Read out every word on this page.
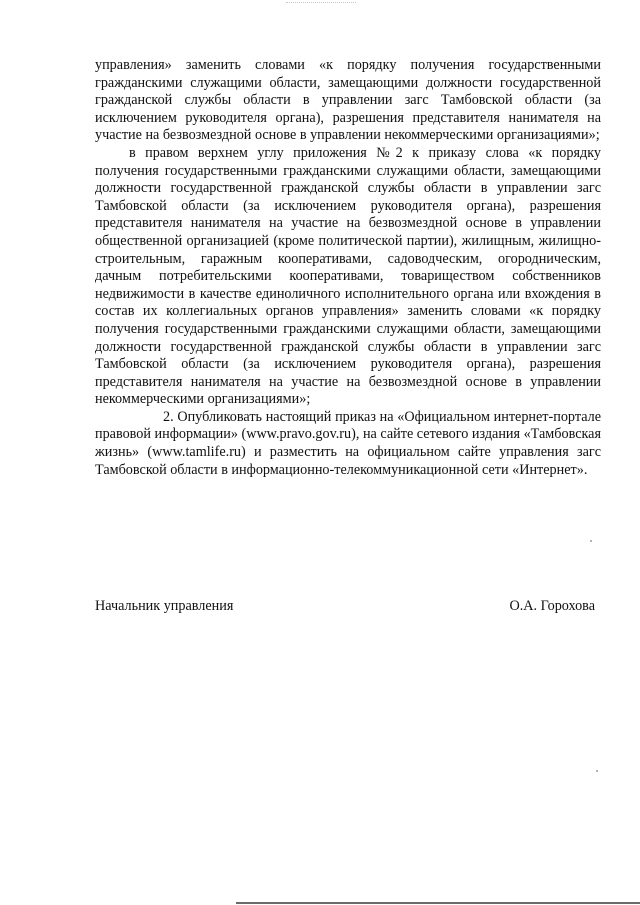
управления» заменить словами «к порядку получения государственными гражданскими служащими области, замещающими должности государственной гражданской службы области в управлении загс Тамбовской области (за исключением руководителя органа), разрешения представителя нанимателя на участие на безвозмездной основе в управлении некоммерческими организациями»;

в правом верхнем углу приложения №2 к приказу слова «к порядку получения государственными гражданскими служащими области, замещающими должности государственной гражданской службы области в управлении загс Тамбовской области (за исключением руководителя органа), разрешения представителя нанимателя на участие на безвозмездной основе в управлении общественной организацией (кроме политической партии), жилищным, жилищно-строительным, гаражным кооперативами, садоводческим, огородническим, дачным потребительскими кооперативами, товариществом собственников недвижимости в качестве единоличного исполнительного органа или вхождения в состав их коллегиальных органов управления» заменить словами «к порядку получения государственными гражданскими служащими области, замещающими должности государственной гражданской службы области в управлении загс Тамбовской области (за исключением руководителя органа), разрешения представителя нанимателя на участие на безвозмездной основе в управлении некоммерческими организациями»;

2. Опубликовать настоящий приказ на «Официальном интернет-портале правовой информации» (www.pravo.gov.ru), на сайте сетевого издания «Тамбовская жизнь» (www.tamlife.ru) и разместить на официальном сайте управления загс Тамбовской области в информационно-телекоммуникационной сети «Интернет».

Начальник управления	О.А. Горохова
